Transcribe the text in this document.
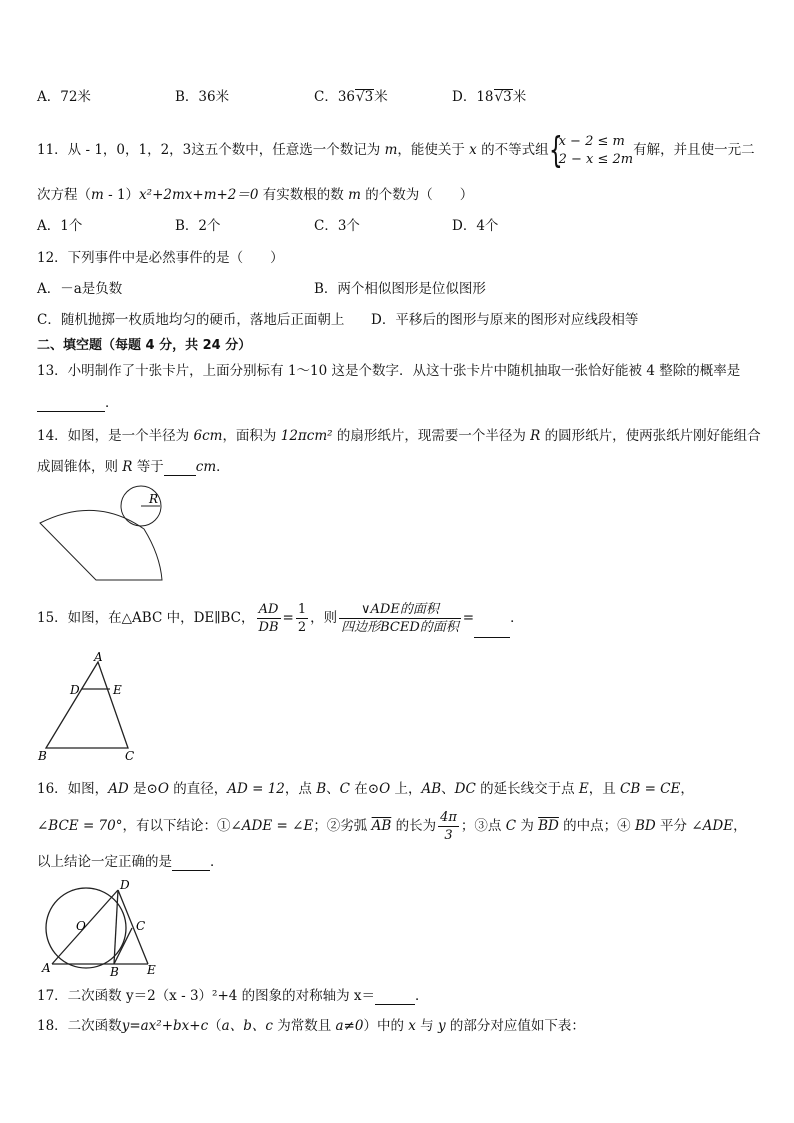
A．72米	B．36米	C．36√3米	D．18√3米
11．从 - 1，0，1，2，3这五个数中，任意选一个数记为 m，能使关于 x 的不等式组 {
x − 2 ≤ m
2 − x ≤ 2m
有解，并且使一元二
次方程（m - 1）x²+2mx+m+2＝0 有实数根的数 m 的个数为（　　）
A．1个	B．2个	C．3个	D．4个
12．下列事件中是必然事件的是（　　）
A．－a是负数	B．两个相似图形是位似图形
C．随机抛掷一枚质地均匀的硬币，落地后正面朝上 D．平移后的图形与原来的图形对应线段相等
二、填空题（每题 4 分，共 24 分）
13．小明制作了十张卡片，上面分别标有 1～10 这是个数字．从这十张卡片中随机抽取一张恰好能被 4 整除的概率是
．
14．如图，是一个半径为 6cm，面积为 12πcm² 的扇形纸片，现需要一个半径为 R 的圆形纸片，使两张纸片刚好能组合
成圆锥体，则 R 等于 cm．
R
15．如图，在△ABC 中，DE∥BC， $\frac{AD}{DB} = \frac{1}{2}$ ，则 $\frac{\text{∨ADE的面积}}{\text{四边形BCED的面积}}$ =	．
A
D	E
B	C
16．如图，AD 是⊙O 的直径，AD = 12，点 B、C 在⊙O 上，AB、DC 的延长线交于点 E，且 CB = CE，
∠BCE = 70°，有以下结论：①∠ADE = ∠E；②劣弧 $\overline{AB}$ 的长为 $\frac{4\pi}{3}$ ；③点 C 为 $\overline{BD}$ 的中点；④ BD 平分 ∠ADE，
以上结论一定正确的是	．
D
O	C
A	B E
17．二次函数 y＝2（x - 3）²+4 的图象的对称轴为 x＝	．
18．二次函数y=ax²+bx+c（a、b、c 为常数且 a≠0）中的 x 与 y 的部分对应值如下表：
